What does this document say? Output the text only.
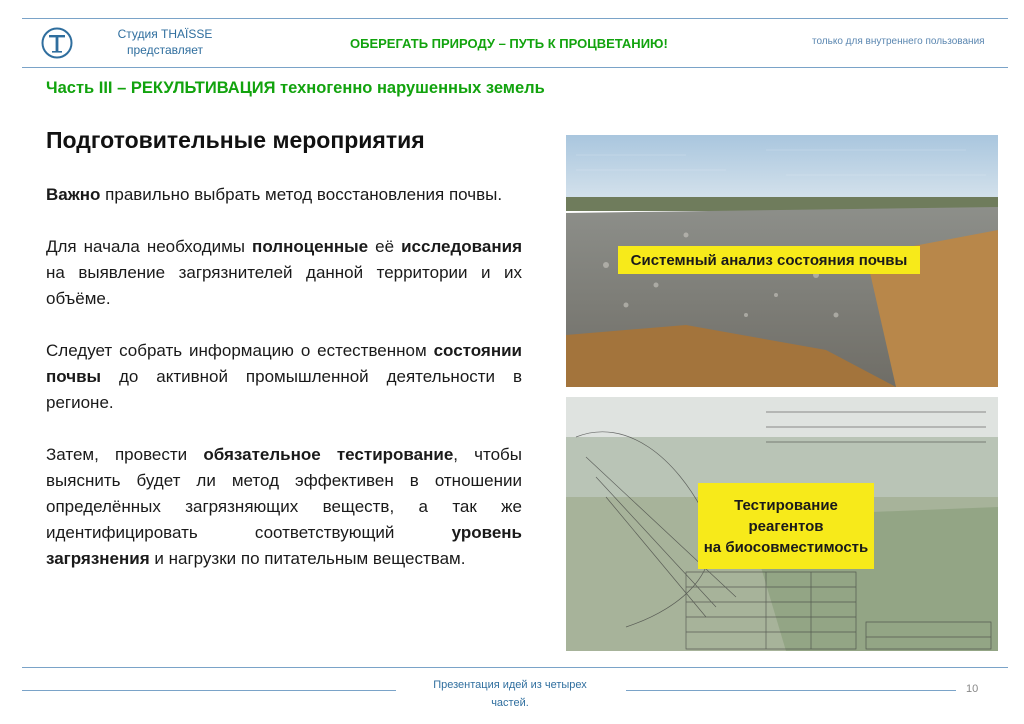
Студия THAÏSSE
представляет	ОБЕРЕГАТЬ ПРИРОДУ – ПУТЬ К ПРОЦВЕТАНИЮ!	только для внутреннего пользования
Часть III – РЕКУЛЬТИВАЦИЯ техногенно нарушенных земель
Подготовительные мероприятия

Важно правильно выбрать метод восстановления почвы.

Для начала необходимы полноценные её исследования на выявление загрязнителей данной территории и их объёме.

Следует собрать информацию о естественном состоянии почвы до активной промышленной деятельности в регионе.

Затем, провести обязательное тестирование, чтобы выяснить будет ли метод эффективен в отношении определённых загрязняющих веществ, а так же идентифицировать соответствующий уровень загрязнения и нагрузки по питательным веществам.

Системный анализ состояния почвы
Тестирование
реагентов
на биосовместимость
Презентация идей из четырех
частей.
10
